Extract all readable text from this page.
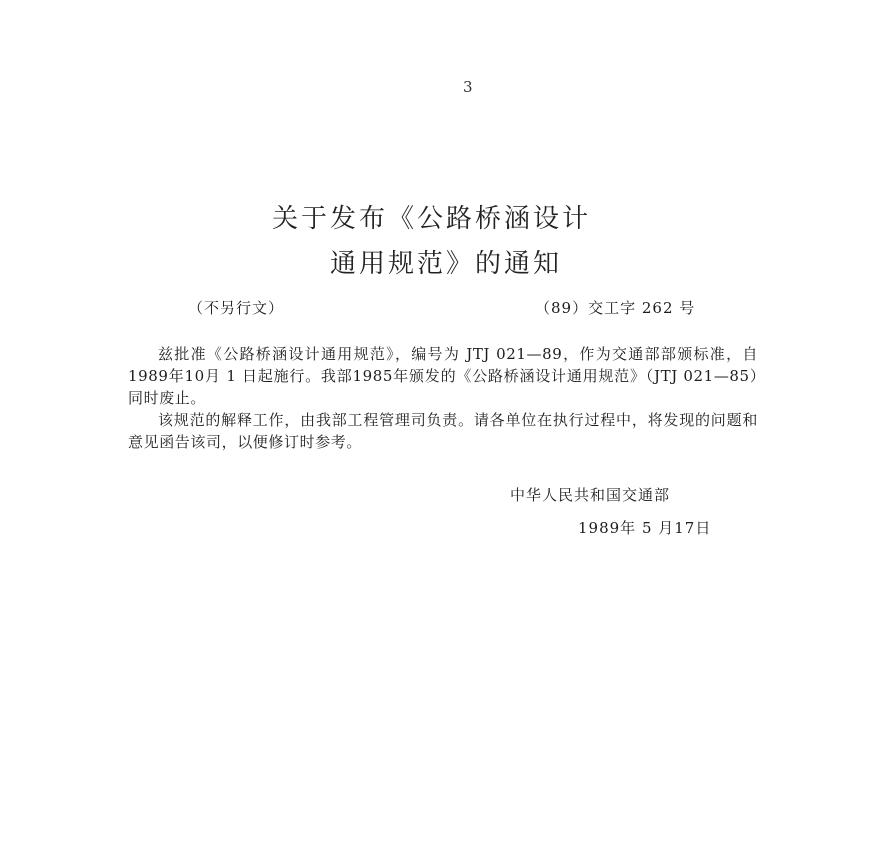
3
关于发布《公路桥涵设计
通用规范》的通知
（不另行文）	（89）交工字 262 号

兹批准《公路桥涵设计通用规范》，编号为 JTJ 021—89，作为交通部部颁标准，自1989年10月 1 日起施行。我部1985年颁发的《公路桥涵设计通用规范》（JTJ 021—85）同时废止。

该规范的解释工作，由我部工程管理司负责。请各单位在执行过程中，将发现的问题和意见函告该司，以便修订时参考。

中华人民共和国交通部
1989年 5 月17日
